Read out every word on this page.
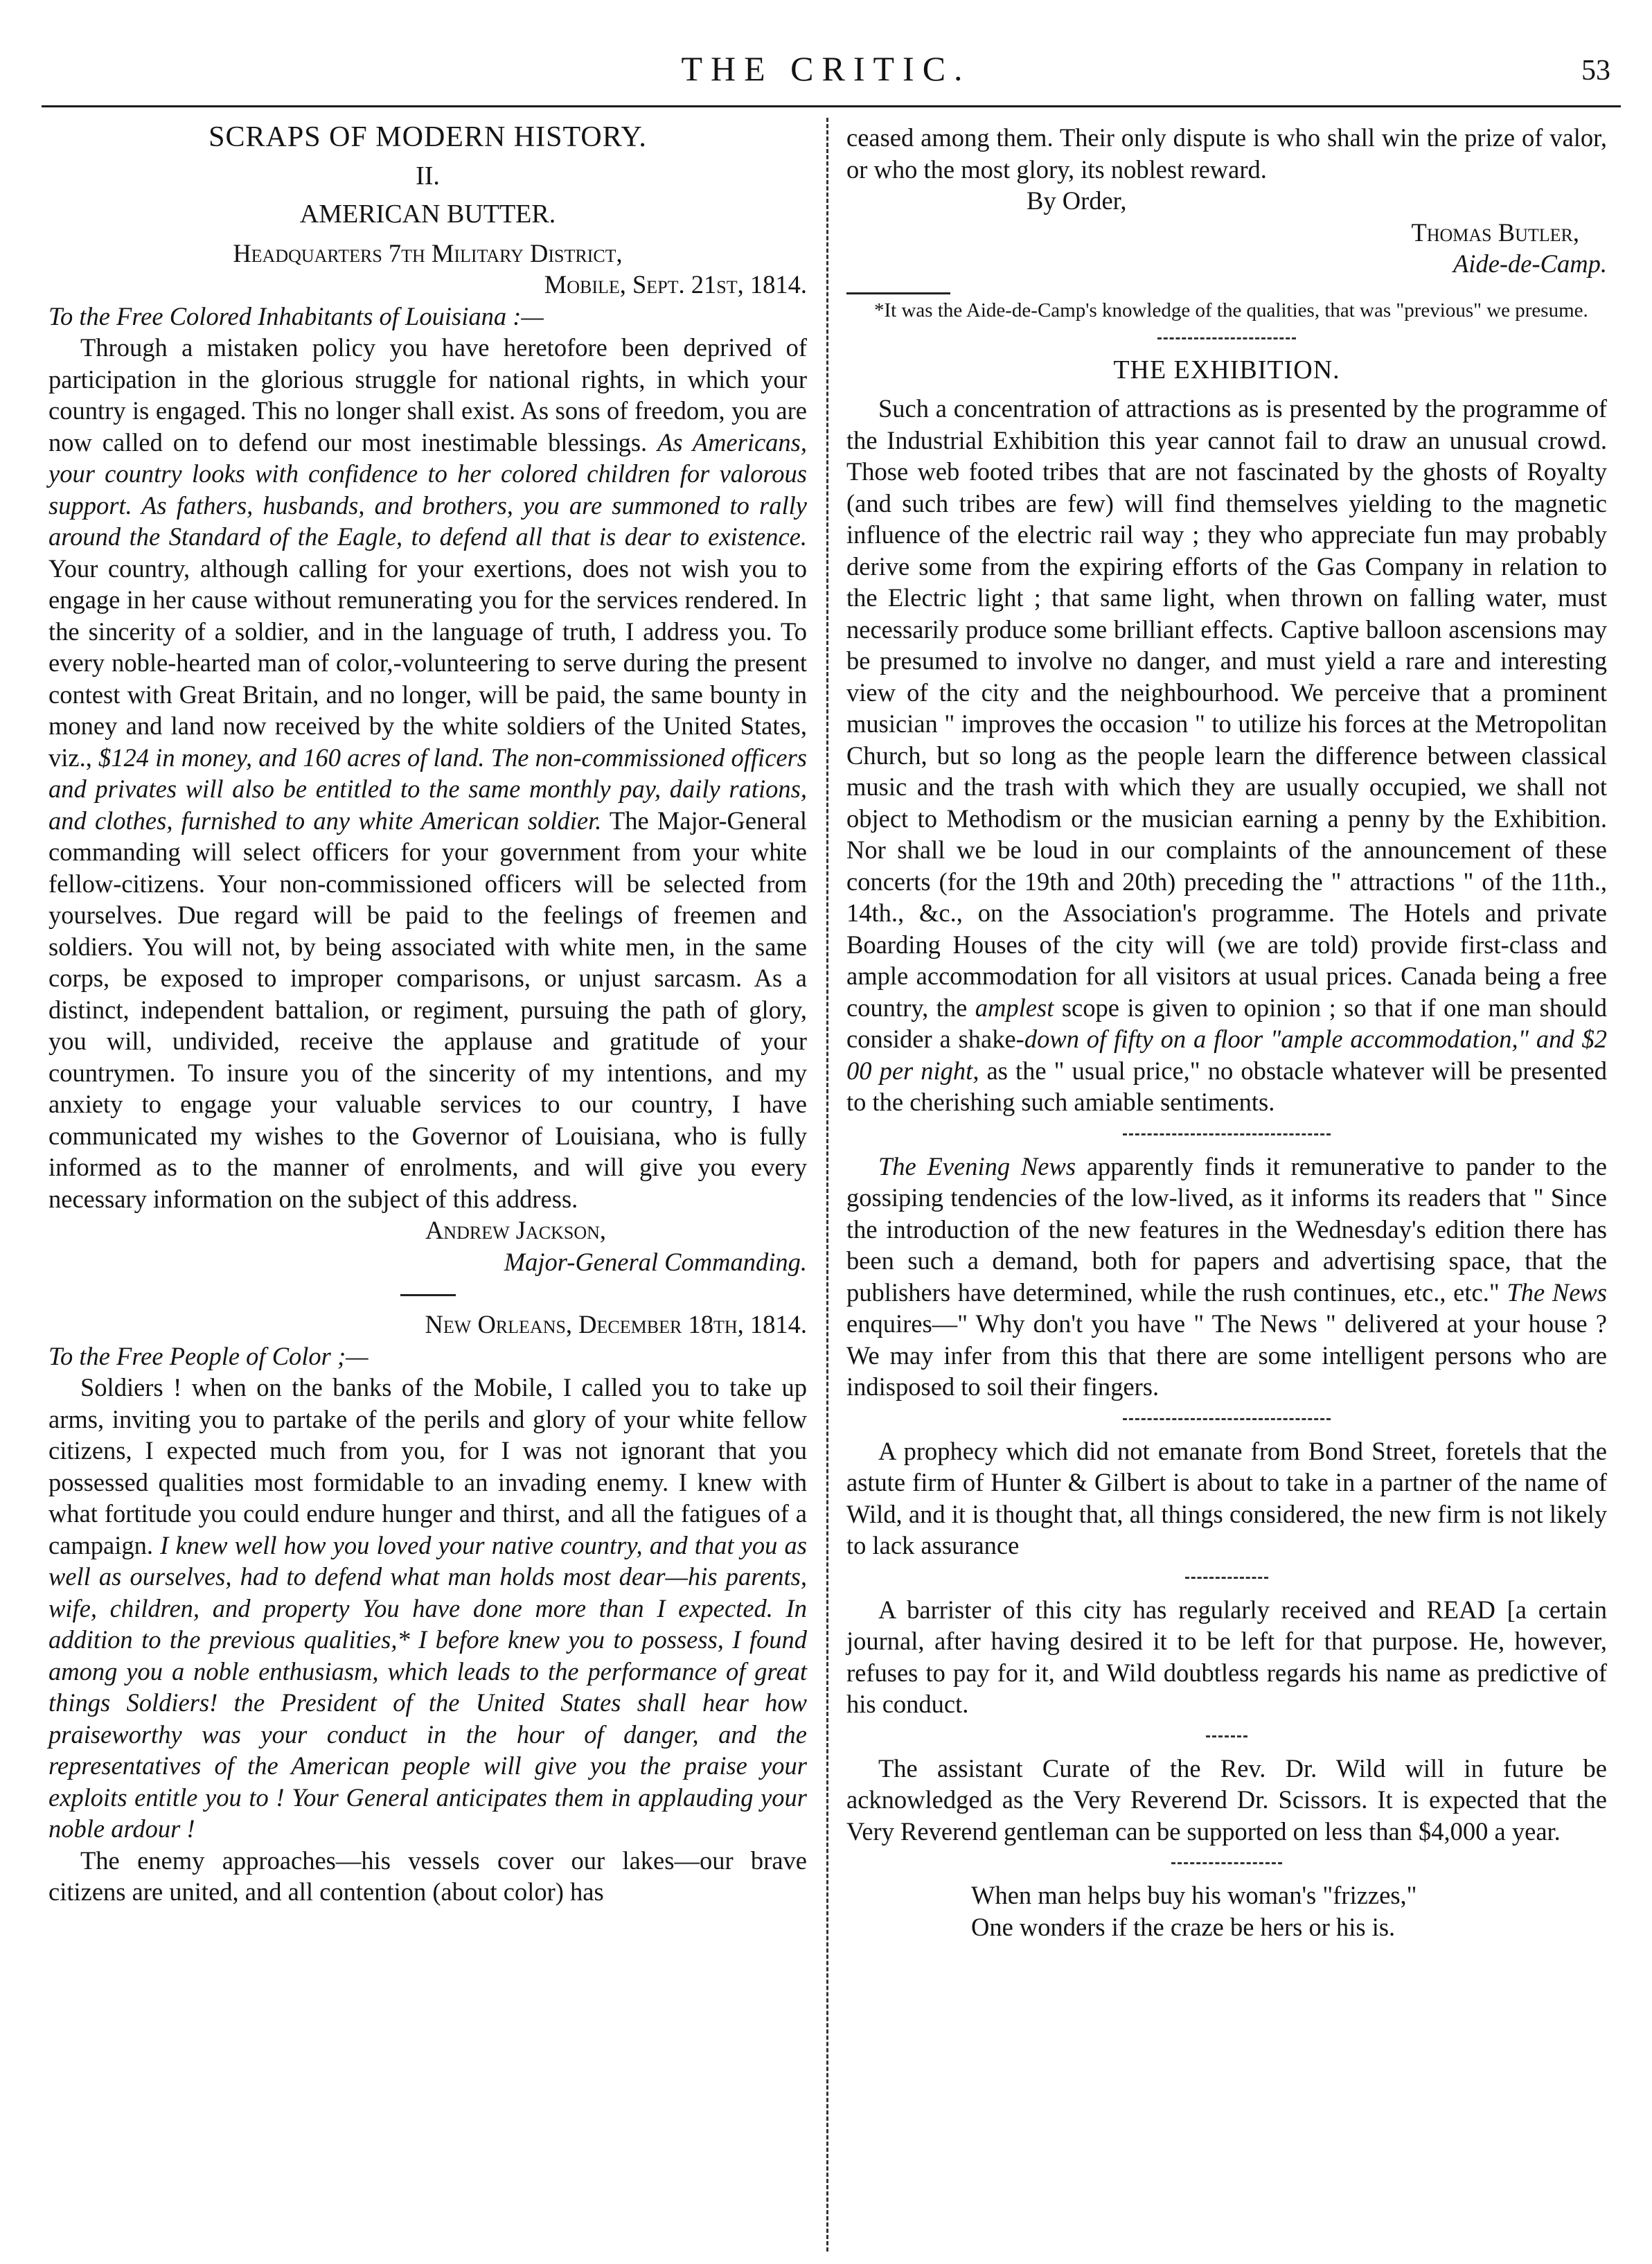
THE CRITIC.	53

SCRAPS OF MODERN HISTORY.

II.

AMERICAN BUTTER.

Headquarters 7th Military District,

Mobile, Sept. 21st, 1814.

To the Free Colored Inhabitants of Louisiana :—

Through a mistaken policy you have heretofore been deprived of participation in the glorious struggle for national rights, in which your country is engaged. This no longer shall exist. As sons of freedom, you are now called on to defend our most inestimable blessings. As Americans, your country looks with confidence to her colored children for valorous support. As fathers, husbands, and brothers, you are summoned to rally around the Standard of the Eagle, to defend all that is dear to existence. Your country, although calling for your exertions, does not wish you to engage in her cause without remunerating you for the services rendered. In the sincerity of a soldier, and in the language of truth, I address you. To every noble-hearted man of color,-volunteering to serve during the present contest with Great Britain, and no longer, will be paid, the same bounty in money and land now received by the white soldiers of the United States, viz., $124 in money, and 160 acres of land. The non-commissioned officers and privates will also be entitled to the same monthly pay, daily rations, and clothes, furnished to any white American soldier. The Major-General commanding will select officers for your government from your white fellow-citizens. Your non-commissioned officers will be selected from yourselves. Due regard will be paid to the feelings of freemen and soldiers. You will not, by being associated with white men, in the same corps, be exposed to improper comparisons, or unjust sarcasm. As a distinct, independent battalion, or regiment, pursuing the path of glory, you will, undivided, receive the applause and gratitude of your countrymen. To insure you of the sincerity of my intentions, and my anxiety to engage your valuable services to our country, I have communicated my wishes to the Governor of Louisiana, who is fully informed as to the manner of enrolments, and will give you every necessary information on the subject of this address.

Andrew Jackson,

Major-General Commanding.

New Orleans, December 18th, 1814.

To the Free People of Color ;—

Soldiers ! when on the banks of the Mobile, I called you to take up arms, inviting you to partake of the perils and glory of your white fellow citizens, I expected much from you, for I was not ignorant that you possessed qualities most formidable to an invading enemy. I knew with what fortitude you could endure hunger and thirst, and all the fatigues of a campaign. I knew well how you loved your native country, and that you as well as ourselves, had to defend what man holds most dear—his parents, wife, children, and property You have done more than I expected. In addition to the previous qualities,* I before knew you to possess, I found among you a noble enthusiasm, which leads to the performance of great things Soldiers! the President of the United States shall hear how praiseworthy was your conduct in the hour of danger, and the representatives of the American people will give you the praise your exploits entitle you to ! Your General anticipates them in applauding your noble ardour !

The enemy approaches—his vessels cover our lakes—our brave citizens are united, and all contention (about color) has

ceased among them. Their only dispute is who shall win the prize of valor, or who the most glory, its noblest reward.

By Order,

Thomas Butler,

Aide-de-Camp.

*It was the Aide-de-Camp's knowledge of the qualities, that was "previous" we presume.

THE EXHIBITION.

Such a concentration of attractions as is presented by the programme of the Industrial Exhibition this year cannot fail to draw an unusual crowd. Those web footed tribes that are not fascinated by the ghosts of Royalty (and such tribes are few) will find themselves yielding to the magnetic influence of the electric rail way ; they who appreciate fun may probably derive some from the expiring efforts of the Gas Company in relation to the Electric light ; that same light, when thrown on falling water, must necessarily produce some brilliant effects. Captive balloon ascensions may be presumed to involve no danger, and must yield a rare and interesting view of the city and the neighbourhood. We perceive that a prominent musician " improves the occasion " to utilize his forces at the Metropolitan Church, but so long as the people learn the difference between classical music and the trash with which they are usually occupied, we shall not object to Methodism or the musician earning a penny by the Exhibition. Nor shall we be loud in our complaints of the announcement of these concerts (for the 19th and 20th) preceding the " attractions " of the 11th., 14th., &c., on the Association's programme. The Hotels and private Boarding Houses of the city will (we are told) provide first-class and ample accommodation for all visitors at usual prices. Canada being a free country, the amplest scope is given to opinion ; so that if one man should consider a shake-down of fifty on a floor "ample accommodation," and $2 00 per night, as the " usual price," no obstacle whatever will be presented to the cherishing such amiable sentiments.

The Evening News apparently finds it remunerative to pander to the gossiping tendencies of the low-lived, as it informs its readers that " Since the introduction of the new features in the Wednesday's edition there has been such a demand, both for papers and advertising space, that the publishers have determined, while the rush continues, etc., etc." The News enquires—" Why don't you have " The News " delivered at your house ? We may infer from this that there are some intelligent persons who are indisposed to soil their fingers.

A prophecy which did not emanate from Bond Street, foretels that the astute firm of Hunter & Gilbert is about to take in a partner of the name of Wild, and it is thought that, all things considered, the new firm is not likely to lack assurance

A barrister of this city has regularly received and READ [a certain journal, after having desired it to be left for that purpose. He, however, refuses to pay for it, and Wild doubtless regards his name as predictive of his conduct.

The assistant Curate of the Rev. Dr. Wild will in future be acknowledged as the Very Reverend Dr. Scissors. It is expected that the Very Reverend gentleman can be supported on less than $4,000 a year.

When man helps buy his woman's "frizzes,"

One wonders if the craze be hers or his is.
